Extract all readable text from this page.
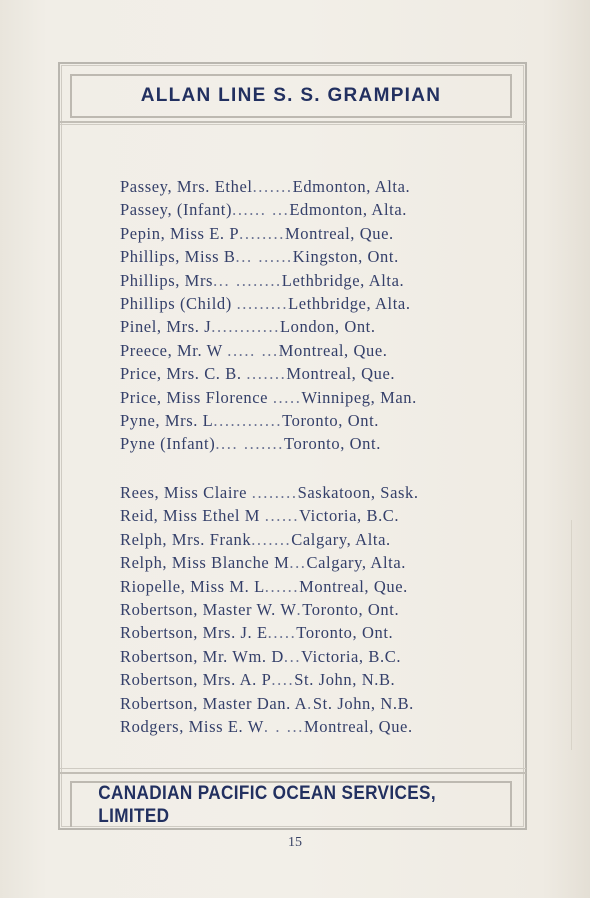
ALLAN LINE S. S. GRAMPIAN
Passey, Mrs. Ethel.......Edmonton, Alta.
Passey, (Infant)...... ...Edmonton, Alta.
Pepin, Miss E. P........Montreal, Que.
Phillips, Miss B... ......Kingston, Ont.
Phillips, Mrs... ........Lethbridge, Alta.
Phillips (Child) .........Lethbridge, Alta.
Pinel, Mrs. J............London, Ont.
Preece, Mr. W ..... ...Montreal, Que.
Price, Mrs. C. B. .......Montreal, Que.
Price, Miss Florence .....Winnipeg, Man.
Pyne, Mrs. L............Toronto, Ont.
Pyne (Infant).... .......Toronto, Ont.
Rees, Miss Claire ........Saskatoon, Sask.
Reid, Miss Ethel M ......Victoria, B.C.
Relph, Mrs. Frank.......Calgary, Alta.
Relph, Miss Blanche M...Calgary, Alta.
Riopelle, Miss M. L......Montreal, Que.
Robertson, Master W. W.Toronto, Ont.
Robertson, Mrs. J. E.....Toronto, Ont.
Robertson, Mr. Wm. D...Victoria, B.C.
Robertson, Mrs. A. P....St. John, N.B.
Robertson, Master Dan. A.St. John, N.B.
Rodgers, Miss E. W. . ...Montreal, Que.
CANADIAN PACIFIC OCEAN SERVICES, LIMITED
15
